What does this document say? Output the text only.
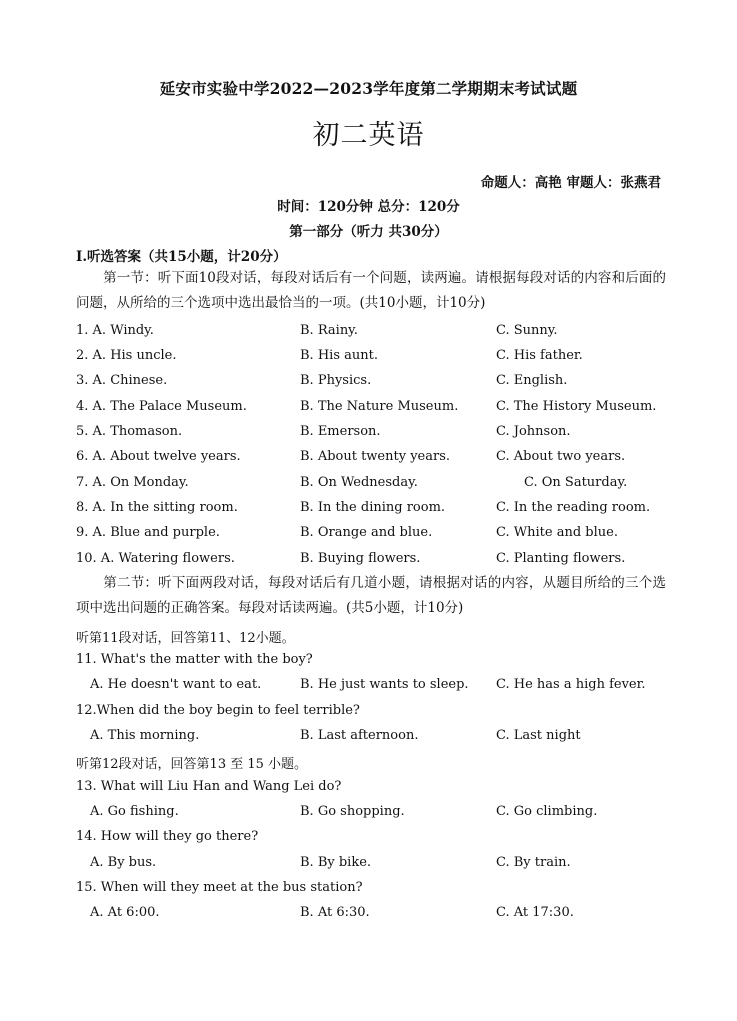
延安市实验中学2022—2023学年度第二学期期末考试试题
初二英语
命题人：高艳 审题人：张燕君
时间：120分钟 总分：120分
第一部分（听力 共30分）
I.听选答案（共15小题，计20分）
第一节：听下面10段对话，每段对话后有一个问题，读两遍。请根据每段对话的内容和后面的问题，从所给的三个选项中选出最恰当的一项。(共10小题，计10分)
1. A. Windy.	B. Rainy.	C. Sunny.
2. A. His uncle.	B. His aunt.	C. His father.
3. A. Chinese.	B. Physics.	C. English.
4. A. The Palace Museum.	B. The Nature Museum.	C. The History Museum.
5. A. Thomason.	B. Emerson.	C. Johnson.
6. A. About twelve years.	B. About twenty years.	C. About two years.
7. A. On Monday.	B. On Wednesday.	C. On Saturday.
8. A. In the sitting room.	B. In the dining room.	C. In the reading room.
9. A. Blue and purple.	B. Orange and blue.	C. White and blue.
10. A. Watering flowers.	B. Buying flowers.	C. Planting flowers.
第二节：听下面两段对话，每段对话后有几道小题，请根据对话的内容，从题目所给的三个选项中选出问题的正确答案。每段对话读两遍。(共5小题，计10分)
听第11段对话，回答第11、12小题。
11. What's the matter with the boy?
A. He doesn't want to eat.	B. He just wants to sleep. C. He has a high fever.
12.When did the boy begin to feel terrible?
A. This morning.	B. Last afternoon.	C. Last night
听第12段对话，回答第13 至 15 小题。
13. What will Liu Han and Wang Lei do?
A. Go fishing.	B. Go shopping.	C. Go climbing.
14. How will they go there?
A. By bus.	B. By bike.	C. By train.
15. When will they meet at the bus station?
A. At 6:00.	B. At 6:30.	C. At 17:30.
